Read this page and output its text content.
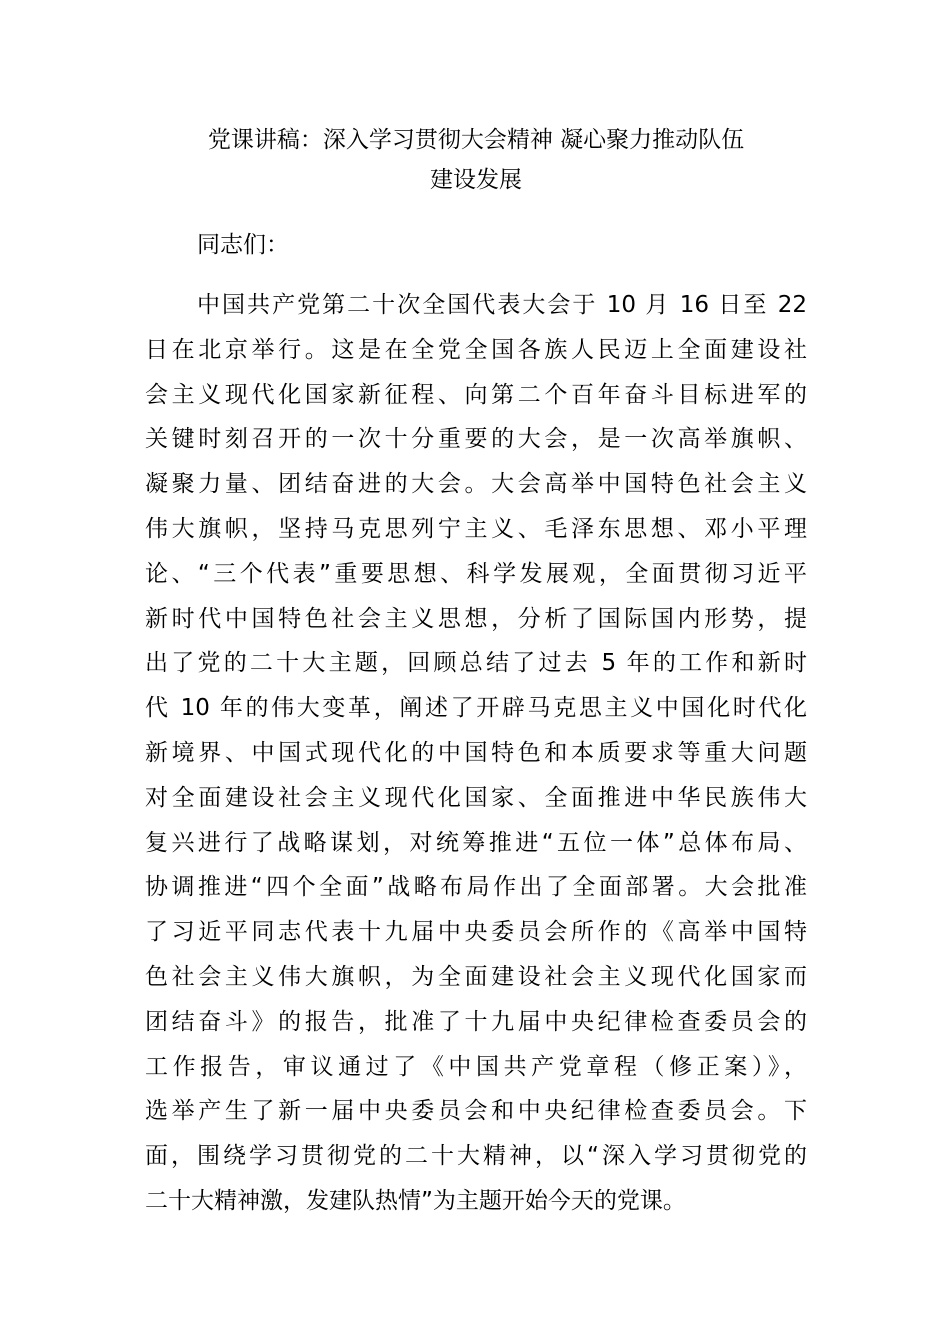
党课讲稿：深入学习贯彻大会精神 凝心聚力推动队伍
建设发展

同志们：

中国共产党第二十次全国代表大会于 10 月 16 日至 22
日在北京举行。这是在全党全国各族人民迈上全面建设社
会主义现代化国家新征程、向第二个百年奋斗目标进军的
关键时刻召开的一次十分重要的大会，是一次高举旗帜、
凝聚力量、团结奋进的大会。大会高举中国特色社会主义
伟大旗帜，坚持马克思列宁主义、毛泽东思想、邓小平理
论、“三个代表”重要思想、科学发展观，全面贯彻习近平
新时代中国特色社会主义思想，分析了国际国内形势，提
出了党的二十大主题，回顾总结了过去 5 年的工作和新时
代 10 年的伟大变革，阐述了开辟马克思主义中国化时代化
新境界、中国式现代化的中国特色和本质要求等重大问题
对全面建设社会主义现代化国家、全面推进中华民族伟大
复兴进行了战略谋划，对统筹推进“五位一体”总体布局、
协调推进“四个全面”战略布局作出了全面部署。大会批准
了习近平同志代表十九届中央委员会所作的《高举中国特
色社会主义伟大旗帜，为全面建设社会主义现代化国家而
团结奋斗》的报告，批准了十九届中央纪律检查委员会的
工作报告，审议通过了《中国共产党章程（修正案）》，
选举产生了新一届中央委员会和中央纪律检查委员会。下
面，围绕学习贯彻党的二十大精神，以“深入学习贯彻党的
二十大精神激，发建队热情”为主题开始今天的党课。
